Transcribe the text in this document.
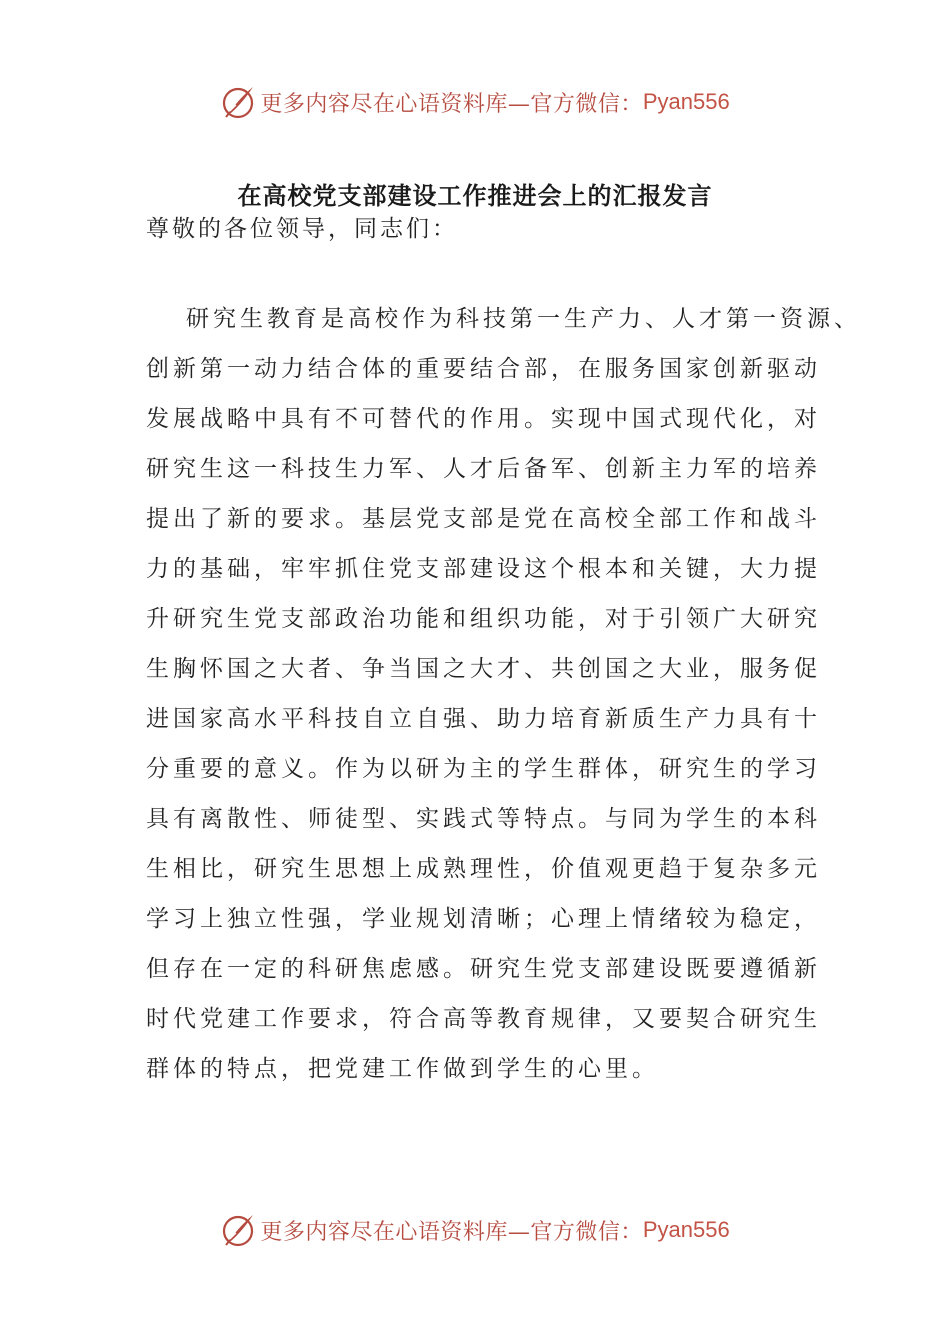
更多内容尽在心语资料库—官方微信： Pyan556
在高校党支部建设工作推进会上的汇报发言
尊敬的各位领导，同志们：
研究生教育是高校作为科技第一生产力、人才第一资源、
创新第一动力结合体的重要结合部，在服务国家创新驱动
发展战略中具有不可替代的作用。实现中国式现代化，对
研究生这一科技生力军、人才后备军、创新主力军的培养
提出了新的要求。基层党支部是党在高校全部工作和战斗
力的基础，牢牢抓住党支部建设这个根本和关键，大力提
升研究生党支部政治功能和组织功能，对于引领广大研究
生胸怀国之大者、争当国之大才、共创国之大业，服务促
进国家高水平科技自立自强、助力培育新质生产力具有十
分重要的意义。作为以研为主的学生群体，研究生的学习
具有离散性、师徒型、实践式等特点。与同为学生的本科
生相比，研究生思想上成熟理性，价值观更趋于复杂多元
学习上独立性强，学业规划清晰；心理上情绪较为稳定，
但存在一定的科研焦虑感。研究生党支部建设既要遵循新
时代党建工作要求，符合高等教育规律，又要契合研究生
群体的特点，把党建工作做到学生的心里。
更多内容尽在心语资料库—官方微信： Pyan556
